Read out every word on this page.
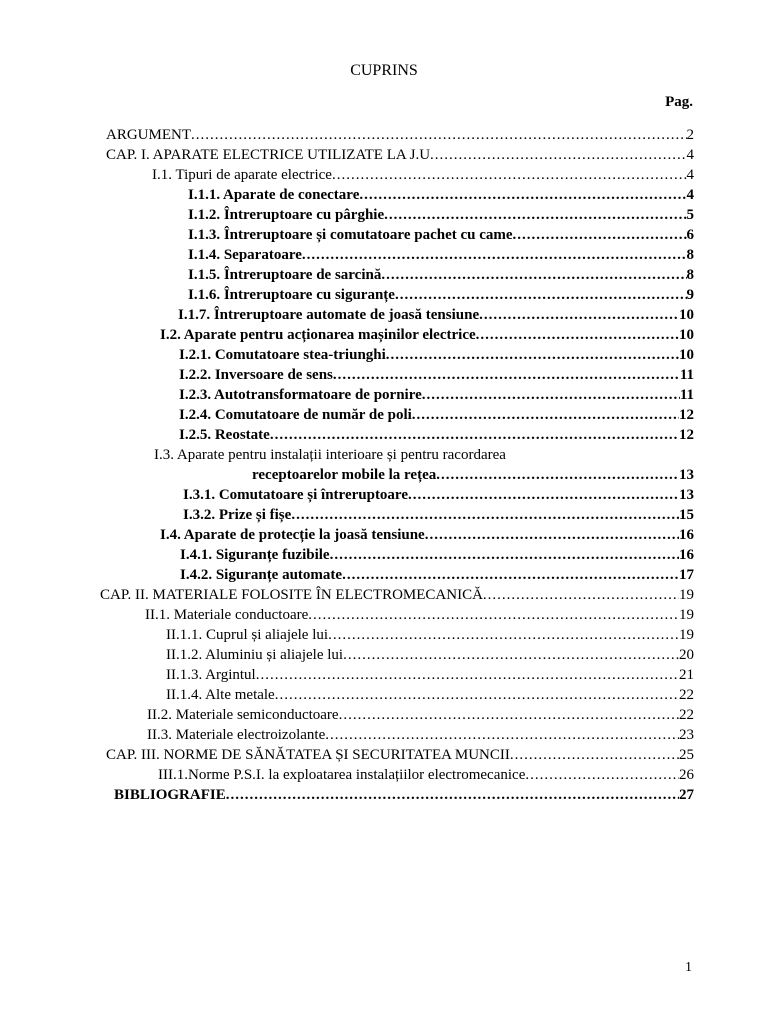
CUPRINS
Pag.
ARGUMENT .....	2
CAP. I. APARATE ELECTRICE UTILIZATE LA J.U .....	4
I.1. Tipuri de aparate electrice .....	4
I.1.1. Aparate de conectare .....	4
I.1.2. Întreruptoare cu pârghie .....	5
I.1.3. Întreruptoare și comutatoare pachet cu came .....	6
I.1.4. Separatoare .....	8
I.1.5. Întreruptoare de sarcină .....	8
I.1.6. Întreruptoare cu siguranțe .....	9
I.1.7. Întreruptoare automate de joasă tensiune .....	10
I.2. Aparate pentru acționarea mașinilor electrice .....	10
I.2.1. Comutatoare stea-triunghi .....	10
I.2.2. Inversoare de sens .....	11
I.2.3. Autotransformatoare de pornire .....	11
I.2.4. Comutatoare de număr de poli .....	12
I.2.5. Reostate .....	12
I.3. Aparate pentru instalații interioare și pentru racordarea
receptoarelor mobile la rețea .....	13
I.3.1. Comutatoare și întreruptoare .....	13
I.3.2. Prize și fișe .....	15
I.4. Aparate de protecție la joasă tensiune .....	16
I.4.1. Siguranțe fuzibile .....	16
I.4.2. Siguranțe automate .....	17
CAP. II. MATERIALE FOLOSITE ÎN ELECTROMECANICĂ .....	19
II.1. Materiale conductoare .....	19
II.1.1. Cuprul și aliajele lui .....	19
II.1.2. Aluminiu și aliajele lui .....	20
II.1.3. Argintul .....	21
II.1.4. Alte metale .....	22
II.2. Materiale semiconductoare .....	22
II.3. Materiale electroizolante .....	23
CAP. III. NORME DE SĂNĂTATEA ȘI SECURITATEA MUNCII .....	25
III.1.Norme P.S.I. la exploatarea instalațiilor electromecanice .....	26
BIBLIOGRAFIE .....	27
1
